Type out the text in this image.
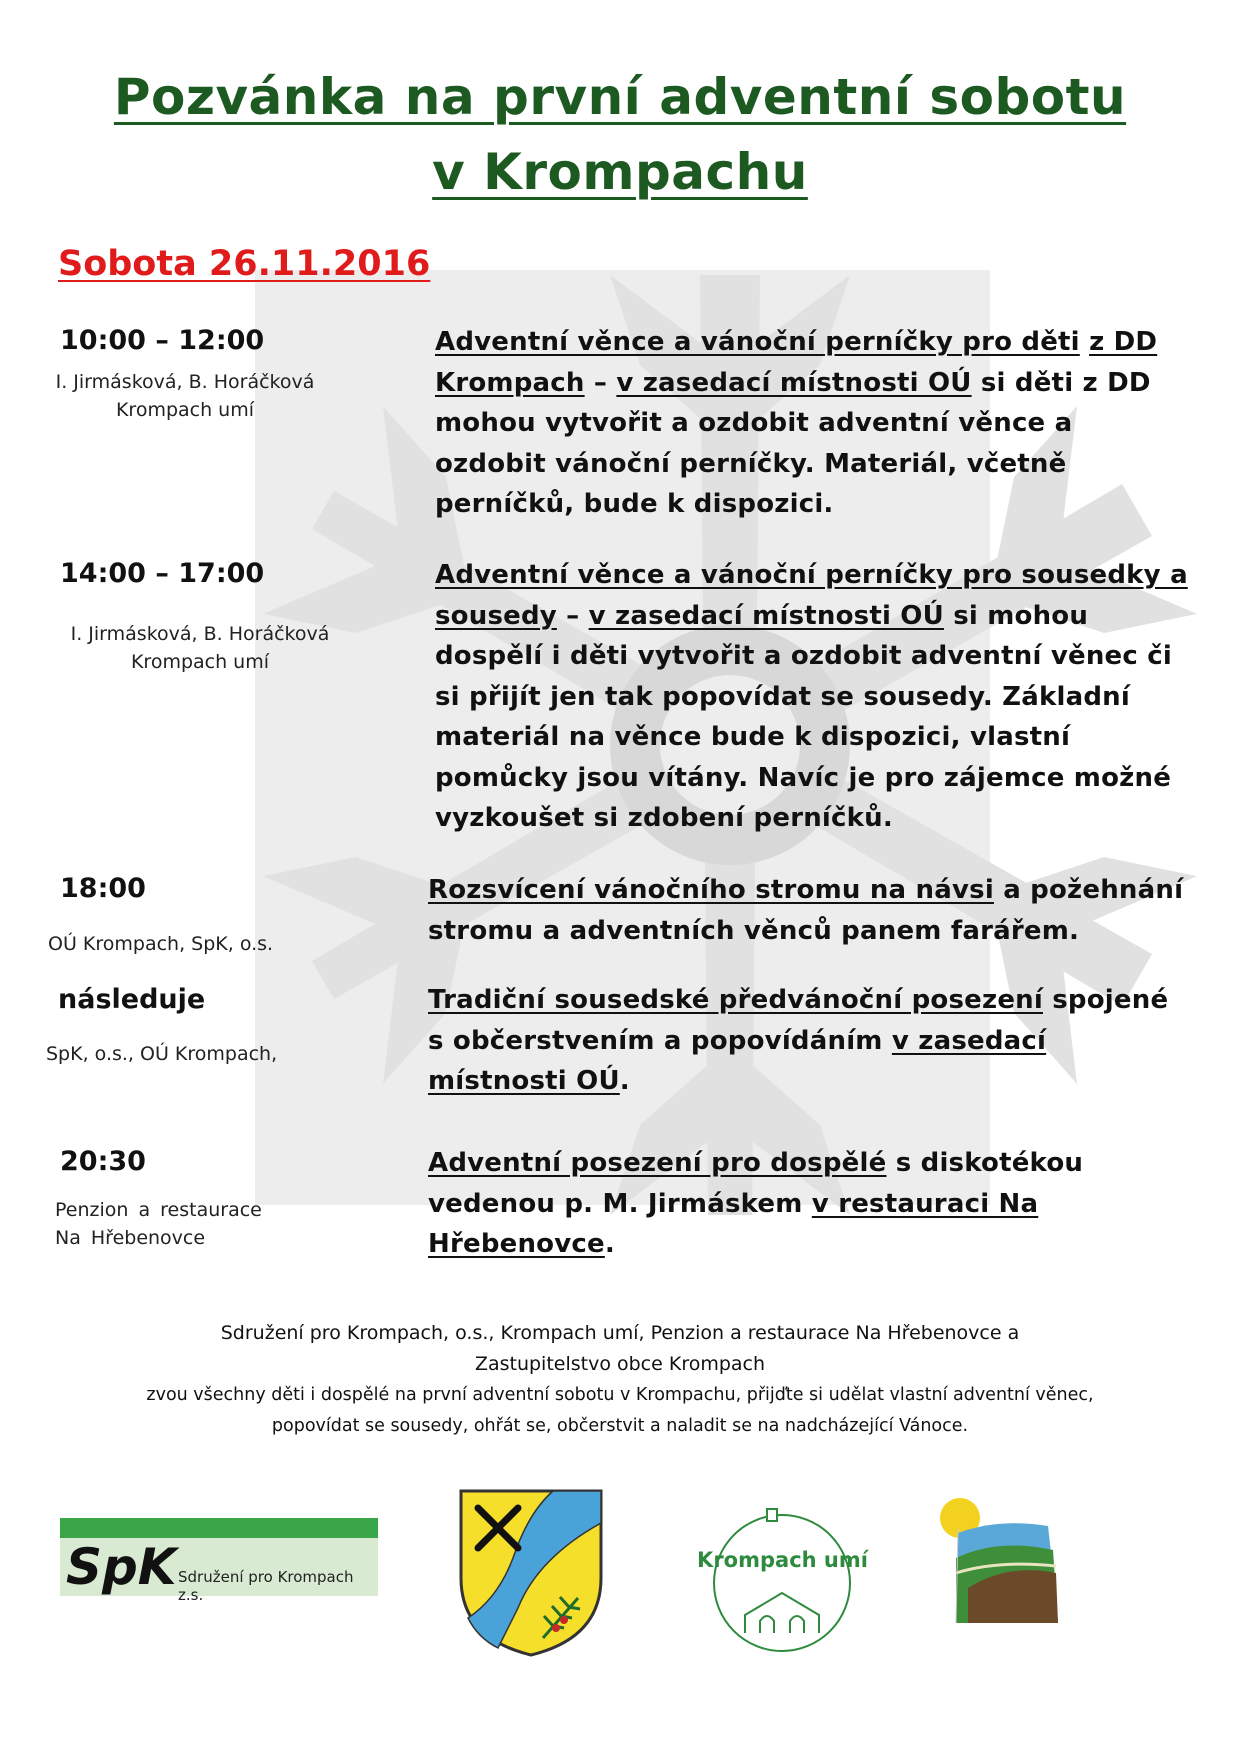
Pozvánka na první adventní sobotu
v Krompachu
Sobota 26.11.2016
10:00 – 12:00
I. Jirmásková, B. Horáčková
Krompach umí
Adventní věnce a vánoční perníčky pro děti z DD Krompach – v zasedací místnosti OÚ si děti z DD mohou vytvořit a ozdobit adventní věnce a ozdobit vánoční perníčky. Materiál, včetně perníčků, bude k dispozici.
14:00 – 17:00
I. Jirmásková, B. Horáčková
Krompach umí
Adventní věnce a vánoční perníčky pro sousedky a sousedy – v zasedací místnosti OÚ si mohou dospělí i děti vytvořit a ozdobit adventní věnec či si přijít jen tak popovídat se sousedy. Základní materiál na věnce bude k dispozici, vlastní pomůcky jsou vítány. Navíc je pro zájemce možné vyzkoušet si zdobení perníčků.
18:00
OÚ Krompach, SpK, o.s.
Rozsvícení vánočního stromu na návsi a požehnání stromu a adventních věnců panem farářem.
následuje
SpK, o.s., OÚ Krompach,
Tradiční sousedské předvánoční posezení spojené s občerstvením a popovídáním v zasedací místnosti OÚ.
20:30
Penzion a restaurace
Na Hřebenovce
Adventní posezení pro dospělé s diskotékou vedenou p. M. Jirmáskem v restauraci Na Hřebenovce.
Sdružení pro Krompach, o.s., Krompach umí, Penzion a restaurace Na Hřebenovce a
Zastupitelstvo obce Krompach
zvou všechny děti i dospělé na první adventní sobotu v Krompachu, přijďte si udělat vlastní adventní věnec,
popovídat se sousedy, ohřát se, občerstvit a naladit se na nadcházející Vánoce.
SpK Sdružení pro Krompach z.s.
Krompach umí
